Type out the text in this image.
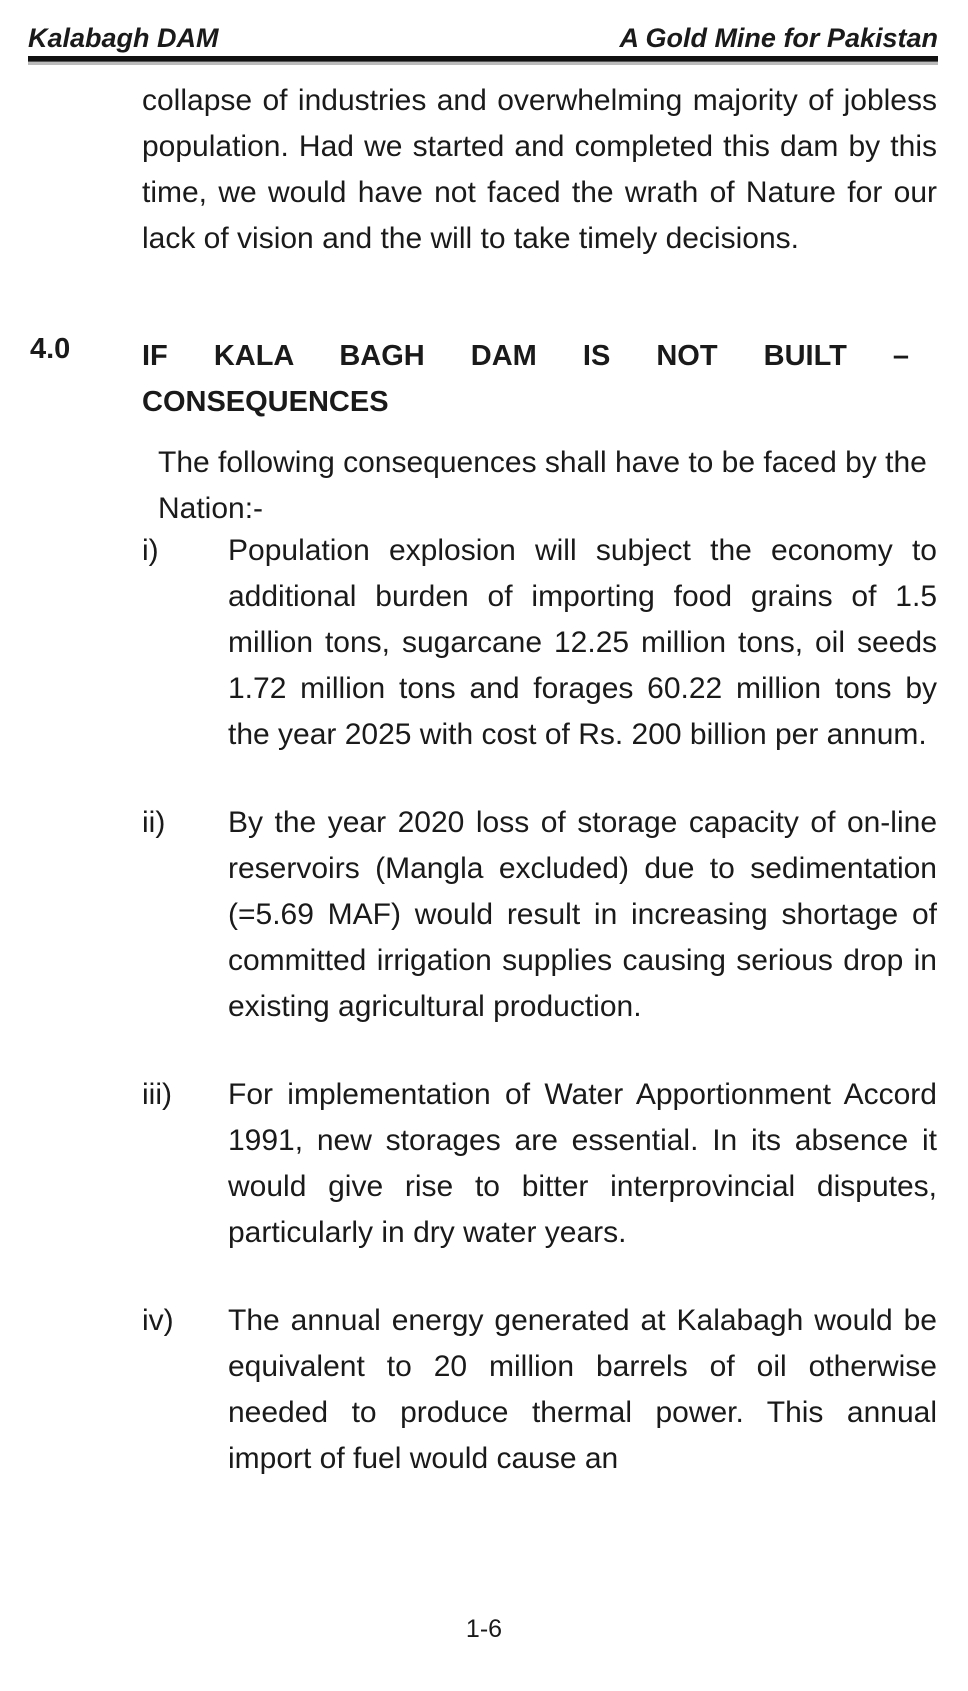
Kalabagh DAM	A Gold Mine for Pakistan

collapse of industries and overwhelming majority of jobless population. Had we started and completed this dam by this time, we would have not faced the wrath of Nature for our lack of vision and the will to take timely decisions.

4.0 IF KALA BAGH DAM IS NOT BUILT –
CONSEQUENCES

The following consequences shall have to be faced by the Nation:-

i) Population explosion will subject the economy to additional burden of importing food grains of 1.5 million tons, sugarcane 12.25 million tons, oil seeds 1.72 million tons and forages 60.22 million tons by the year 2025 with cost of Rs. 200 billion per annum.

ii) By the year 2020 loss of storage capacity of on-line reservoirs (Mangla excluded) due to sedimentation (=5.69 MAF) would result in increasing shortage of committed irrigation supplies causing serious drop in existing agricultural production.

iii) For implementation of Water Apportionment Accord 1991, new storages are essential. In its absence it would give rise to bitter interprovincial disputes, particularly in dry water years.

iv) The annual energy generated at Kalabagh would be equivalent to 20 million barrels of oil otherwise needed to produce thermal power. This annual import of fuel would cause an

1-6
